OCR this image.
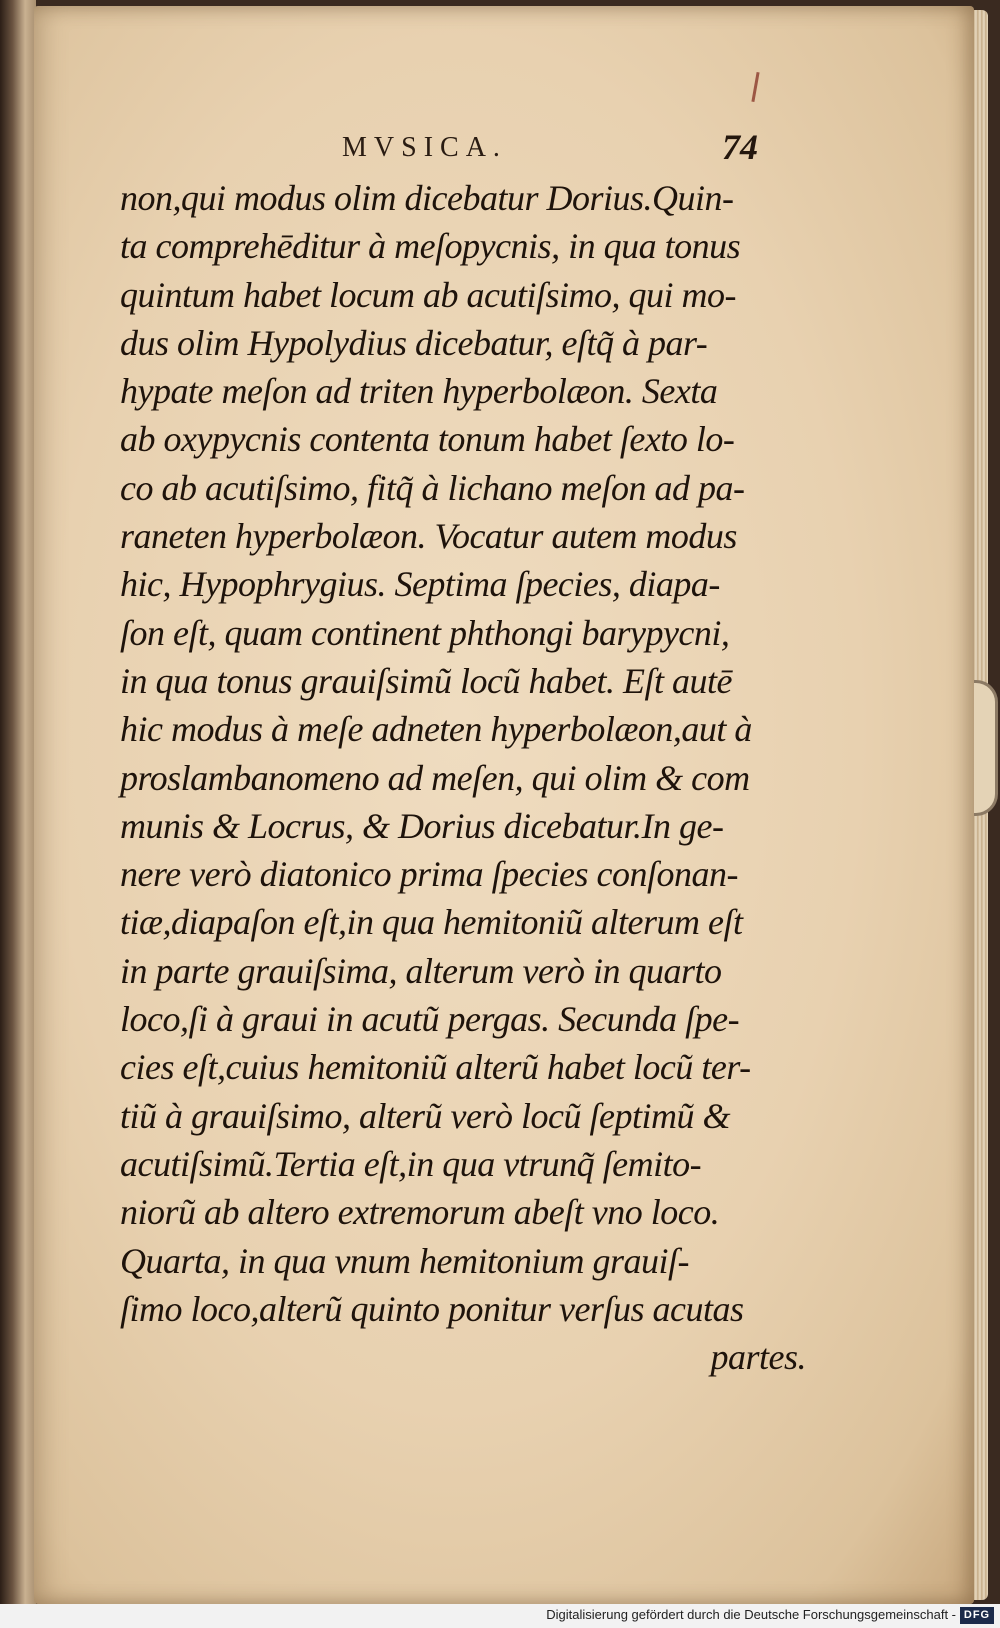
MVSICA.	74
non,qui modus olim dicebatur Dorius.Quin-
ta comprehēditur à meſopycnis, in qua tonus
quintum habet locum ab acutiſsimo, qui mo-
dus olim Hypolydius dicebatur, eſtq̃ à par-
hypate meſon ad triten hyperbolæon. Sexta
ab oxypycnis contenta tonum habet ſexto lo-
co ab acutiſsimo, fitq̃ à lichano meſon ad pa-
raneten hyperbolæon. Vocatur autem modus
hic, Hypophrygius. Septima ſpecies, diapa-
ſon eſt, quam continent phthongi barypycni,
in qua tonus grauiſsimũ locũ habet. Eſt autē
hic modus à meſe adneten hyperbolæon,aut à
proslambanomeno ad meſen, qui olim & com
munis & Locrus, & Dorius dicebatur.In ge-
nere verò diatonico prima ſpecies conſonan-
tiæ,diapaſon eſt,in qua hemitoniũ alterum eſt
in parte grauiſsima, alterum verò in quarto
loco,ſi à graui in acutũ pergas. Secunda ſpe-
cies eſt,cuius hemitoniũ alterũ habet locũ ter-
tiũ à grauiſsimo, alterũ verò locũ ſeptimũ &
acutiſsimũ.Tertia eſt,in qua vtrunq̃ ſemito-
niorũ ab altero extremorum abeſt vno loco.
Quarta, in qua vnum hemitonium grauiſ-
ſimo loco,alterũ quinto ponitur verſus acutas
partes.
Digitalisierung gefördert durch die Deutsche Forschungsgemeinschaft - DFG
